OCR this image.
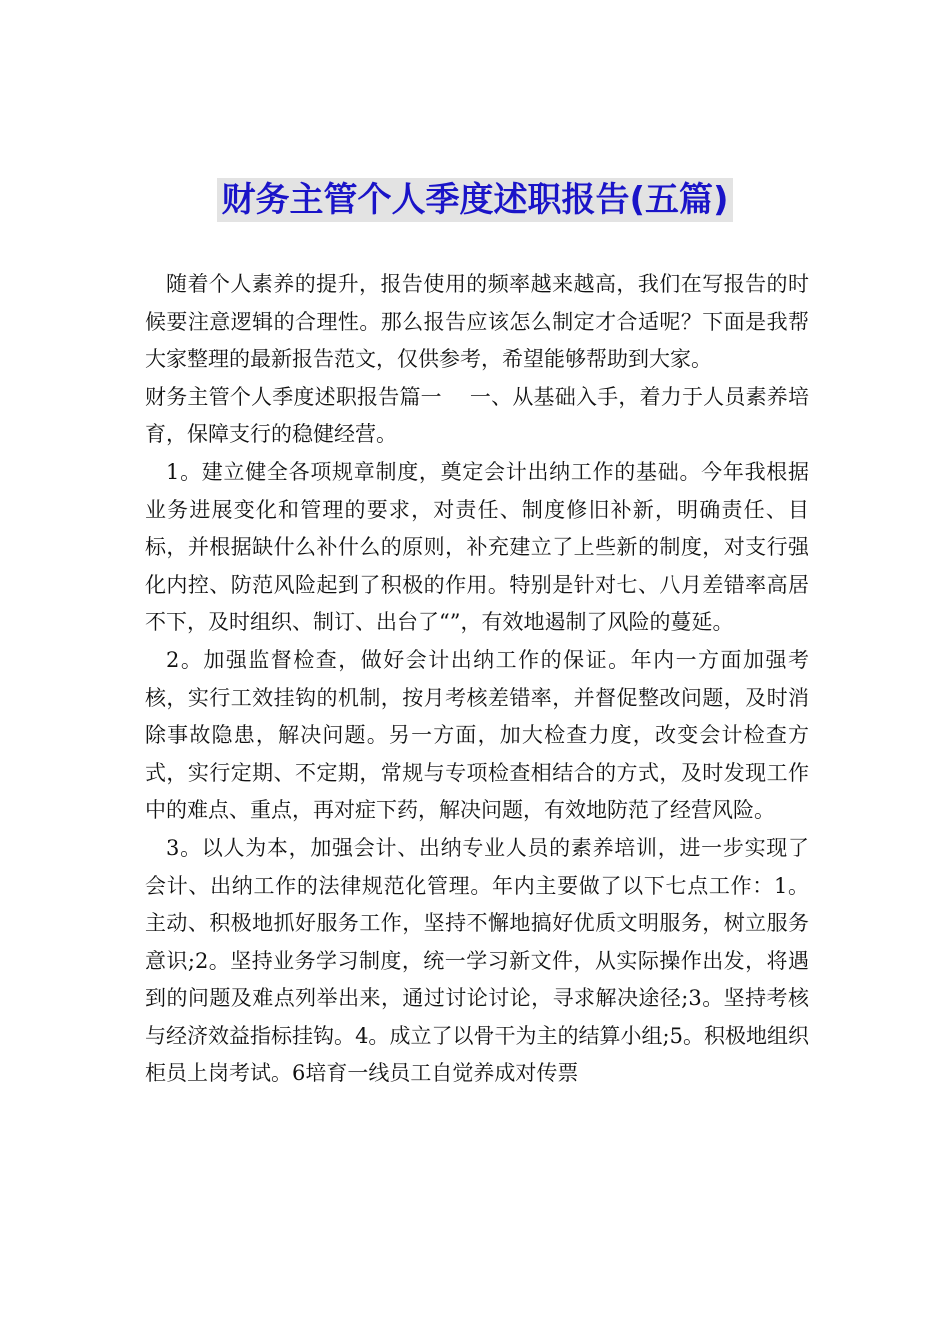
财务主管个人季度述职报告(五篇)

随着个人素养的提升，报告使用的频率越来越高，我们在写报告的时候要注意逻辑的合理性。那么报告应该怎么制定才合适呢？下面是我帮大家整理的最新报告范文，仅供参考，希望能够帮助到大家。

财务主管个人季度述职报告篇一　 一、从基础入手，着力于人员素养培育，保障支行的稳健经营。

1。建立健全各项规章制度，奠定会计出纳工作的基础。今年我根据业务进展变化和管理的要求，对责任、制度修旧补新，明确责任、目标，并根据缺什么补什么的原则，补充建立了上些新的制度，对支行强化内控、防范风险起到了积极的作用。特别是针对七、八月差错率高居不下，及时组织、制订、出台了“”，有效地遏制了风险的蔓延。

2。加强监督检查，做好会计出纳工作的保证。年内一方面加强考核，实行工效挂钩的机制，按月考核差错率，并督促整改问题，及时消除事故隐患，解决问题。另一方面，加大检查力度，改变会计检查方式，实行定期、不定期，常规与专项检查相结合的方式，及时发现工作中的难点、重点，再对症下药，解决问题，有效地防范了经营风险。

3。以人为本，加强会计、出纳专业人员的素养培训，进一步实现了会计、出纳工作的法律规范化管理。年内主要做了以下七点工作：1。主动、积极地抓好服务工作，坚持不懈地搞好优质文明服务，树立服务意识;2。坚持业务学习制度，统一学习新文件，从实际操作出发，将遇到的问题及难点列举出来，通过讨论讨论，寻求解决途径;3。坚持考核与经济效益指标挂钩。4。成立了以骨干为主的结算小组;5。积极地组织柜员上岗考试。6培育一线员工自觉养成对传票
